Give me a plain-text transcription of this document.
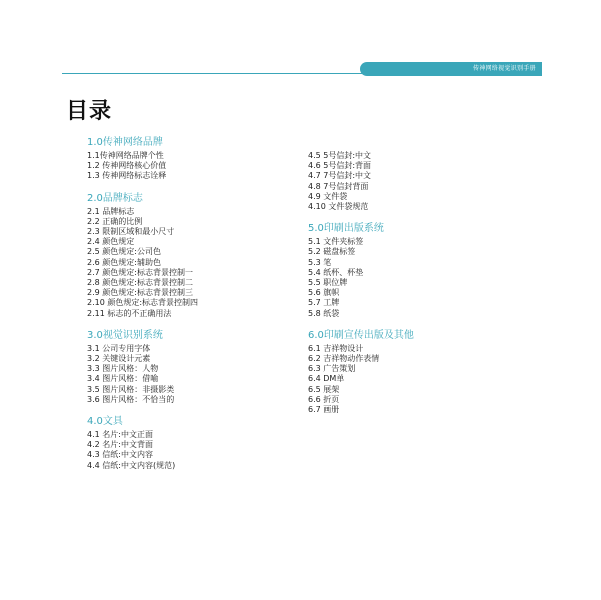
传神网络视觉识别手册
目录
1.0传神网络品牌
1.1传神网络品牌个性
1.2 传神网络核心价值
1.3 传神网络标志诠释
2.0品牌标志
2.1 品牌标志
2.2 正确的比例
2.3 限制区域和最小尺寸
2.4 颜色规定
2.5 颜色规定:公司色
2.6 颜色规定:辅助色
2.7 颜色规定:标志背景控制一
2.8 颜色规定:标志背景控制二
2.9 颜色规定:标志背景控制三
2.10 颜色规定:标志背景控制四
2.11 标志的不正确用法
3.0视觉识别系统
3.1 公司专用字体
3.2 关键设计元素
3.3 图片风格：人物
3.4 图片风格：借喻
3.5 图片风格：非摄影类
3.6 图片风格：不恰当的
4.0文具
4.1 名片:中文正面
4.2 名片:中文背面
4.3 信纸:中文内容
4.4 信纸:中文内容(规范)
4.5 5号信封:中文
4.6 5号信封:背面
4.7 7号信封:中文
4.8 7号信封背面
4.9 文件袋
4.10 文件袋规范
5.0印刷出版系统
5.1 文件夹标签
5.2 磁盘标签
5.3 笔
5.4 纸杯、杯垫
5.5 职位牌
5.6 旗帜
5.7 工牌
5.8 纸袋
6.0印刷宣传出版及其他
6.1 吉祥物设计
6.2 吉祥物动作表情
6.3 广告策划
6.4 DM单
6.5 展架
6.6 折页
6.7 画册
